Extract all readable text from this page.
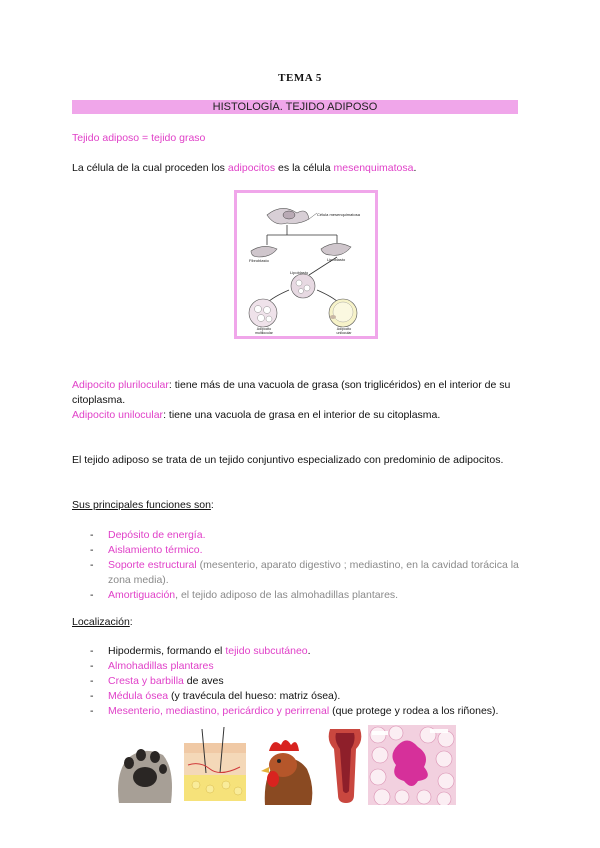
TEMA 5
HISTOLOGÍA. TEJIDO ADIPOSO
Tejido adiposo = tejido graso
La célula de la cual proceden los adipocitos es la célula mesenquimatosa.
Célula mesenquimatosa
Fibroblasto	Lipoblasto
Lipoblasto
Adipocito multilocular
Adipocito unilocular
Adipocito plurilocular: tiene más de una vacuola de grasa (son triglicéridos) en el interior de su citoplasma.
Adipocito unilocular: tiene una vacuola de grasa en el interior de su citoplasma.
El tejido adiposo se trata de un tejido conjuntivo especializado con predominio de adipocitos.
Sus principales funciones son:
- Depósito de energía.
- Aislamiento térmico.
- Soporte estructural (mesenterio, aparato digestivo ; mediastino, en la cavidad torácica la zona media).
- Amortiguación, el tejido adiposo de las almohadillas plantares.
Localización:
- Hipodermis, formando el tejido subcutáneo.
- Almohadillas plantares
- Cresta y barbilla de aves
- Médula ósea (y travécula del hueso: matriz ósea).
- Mesenterio, mediastino, pericárdico y perirrenal (que protege y rodea a los riñones).
